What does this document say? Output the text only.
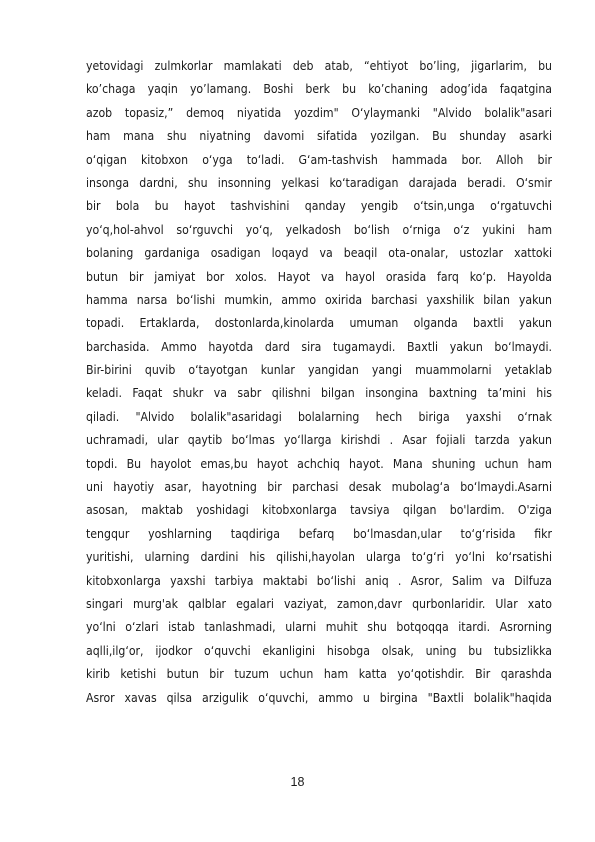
yetovidagi zulmkorlar mamlakati deb atab, “ehtiyot bo’ling, jigarlarim, bu
ko’chaga yaqin yo’lamang. Boshi berk bu ko’chaning adog’ida faqatgina
azob topasiz,” demoq niyatida yozdim" O‘ylaymanki "Alvido bolalik"asari
ham mana shu niyatning davomi sifatida yozilgan. Bu shunday asarki
o‘qigan kitobxon o‘yga to‘ladi. G‘am-tashvish hammada bor. Alloh bir
insonga dardni, shu insonning yelkasi ko‘taradigan darajada beradi. O‘smir
bir bola bu hayot tashvishini qanday yengib o‘tsin,unga o‘rgatuvchi
yo‘q,hol-ahvol so‘rguvchi yo‘q, yelkadosh bo‘lish o‘rniga o‘z yukini ham
bolaning gardaniga osadigan loqayd va beaqil ota-onalar, ustozlar xattoki
butun bir jamiyat bor xolos. Hayot va hayol orasida farq ko‘p. Hayolda
hamma narsa bo‘lishi mumkin, ammo oxirida barchasi yaxshilik bilan yakun
topadi. Ertaklarda, dostonlarda,kinolarda umuman olganda baxtli yakun
barchasida. Ammo hayotda dard sira tugamaydi. Baxtli yakun bo‘lmaydi.
Bir-birini quvib o‘tayotgan kunlar yangidan yangi muammolarni yetaklab
keladi. Faqat shukr va sabr qilishni bilgan insongina baxtning ta’mini his
qiladi. "Alvido bolalik"asaridagi bolalarning hech biriga yaxshi o‘rnak
uchramadi, ular qaytib bo‘lmas yo‘llarga kirishdi . Asar fojiali tarzda yakun
topdi. Bu hayolot emas,bu hayot achchiq hayot. Mana shuning uchun ham
uni hayotiy asar, hayotning bir parchasi desak mubolag‘a bo‘lmaydi.Asarni
asosan, maktab yoshidagi kitobxonlarga tavsiya qilgan bo'lardim. O'ziga
tengqur yoshlarning taqdiriga befarq bo‘lmasdan,ular to‘g‘risida fikr
yuritishi, ularning dardini his qilishi,hayolan ularga to‘g‘ri yo‘lni ko‘rsatishi
kitobxonlarga yaxshi tarbiya maktabi bo‘lishi aniq . Asror, Salim va Dilfuza
singari murg'ak qalblar egalari vaziyat, zamon,davr qurbonlaridir. Ular xato
yo‘lni o‘zlari istab tanlashmadi, ularni muhit shu botqoqqa itardi. Asrorning
aqlli,ilg‘or, ijodkor o‘quvchi ekanligini hisobga olsak, uning bu tubsizlikka
kirib ketishi butun bir tuzum uchun ham katta yo‘qotishdir. Bir qarashda
Asror xavas qilsa arzigulik o‘quvchi, ammo u birgina "Baxtli bolalik"haqida
18
